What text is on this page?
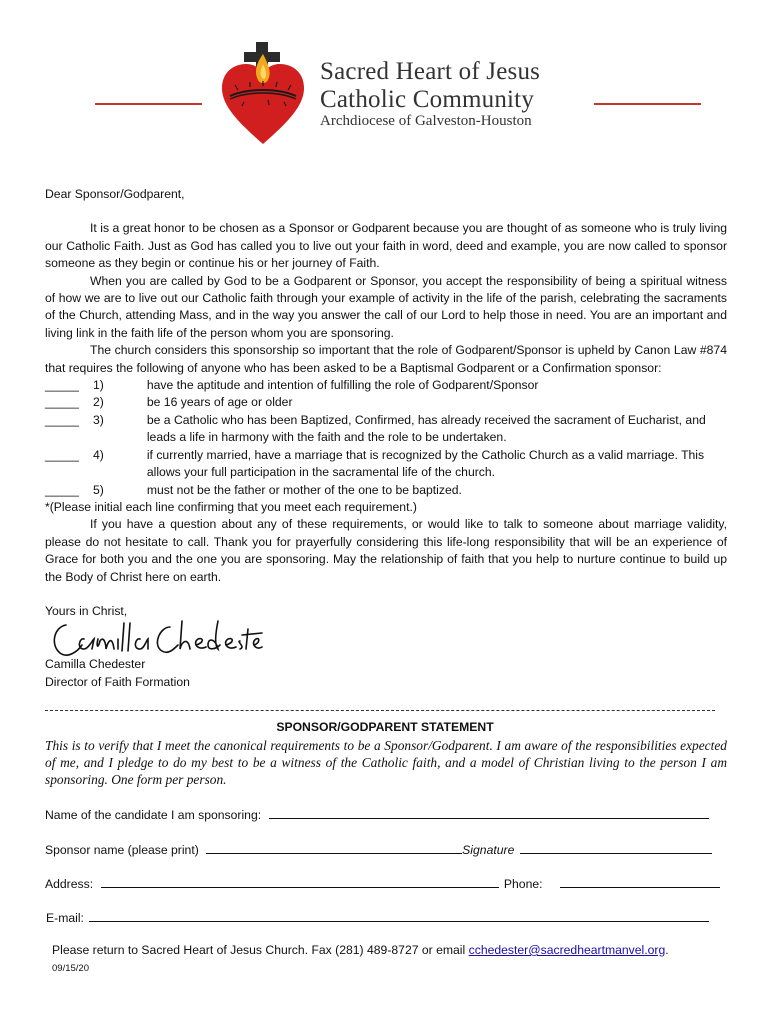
Sacred Heart of Jesus
Catholic Community
Archdiocese of Galveston-Houston

Dear Sponsor/Godparent,

It is a great honor to be chosen as a Sponsor or Godparent because you are thought of as someone who is truly living our Catholic Faith. Just as God has called you to live out your faith in word, deed and example, you are now called to sponsor someone as they begin or continue his or her journey of Faith.

When you are called by God to be a Godparent or Sponsor, you accept the responsibility of being a spiritual witness of how we are to live out our Catholic faith through your example of activity in the life of the parish, celebrating the sacraments of the Church, attending Mass, and in the way you answer the call of our Lord to help those in need. You are an important and living link in the faith life of the person whom you are sponsoring.

The church considers this sponsorship so important that the role of Godparent/Sponsor is upheld by Canon Law #874 that requires the following of anyone who has been asked to be a Baptismal Godparent or a Confirmation sponsor:

_____	1)	have the aptitude and intention of fulfilling the role of Godparent/Sponsor
_____	2)	be 16 years of age or older
_____	3)	be a Catholic who has been Baptized, Confirmed, has already received the sacrament of Eucharist, and leads a life in harmony with the faith and the role to be undertaken.
_____	4)	if currently married, have a marriage that is recognized by the Catholic Church as a valid marriage. This allows your full participation in the sacramental life of the church.
_____	5)	must not be the father or mother of the one to be baptized.

*(Please initial each line confirming that you meet each requirement.)

If you have a question about any of these requirements, or would like to talk to someone about marriage validity, please do not hesitate to call. Thank you for prayerfully considering this life-long responsibility that will be an experience of Grace for both you and the one you are sponsoring. May the relationship of faith that you help to nurture continue to build up the Body of Christ here on earth.

Yours in Christ,

Camilla Chedester
Director of Faith Formation
SPONSOR/GODPARENT STATEMENT
This is to verify that I meet the canonical requirements to be a Sponsor/Godparent. I am aware of the responsibilities expected of me, and I pledge to do my best to be a witness of the Catholic faith, and a model of Christian living to the person I am sponsoring. One form per person.
Name of the candidate I am sponsoring:
Sponsor name (please print)	Signature
Address:	Phone:
E-mail:
Please return to Sacred Heart of Jesus Church. Fax (281) 489-8727 or email cchedester@sacredheartmanvel.org.
09/15/20
